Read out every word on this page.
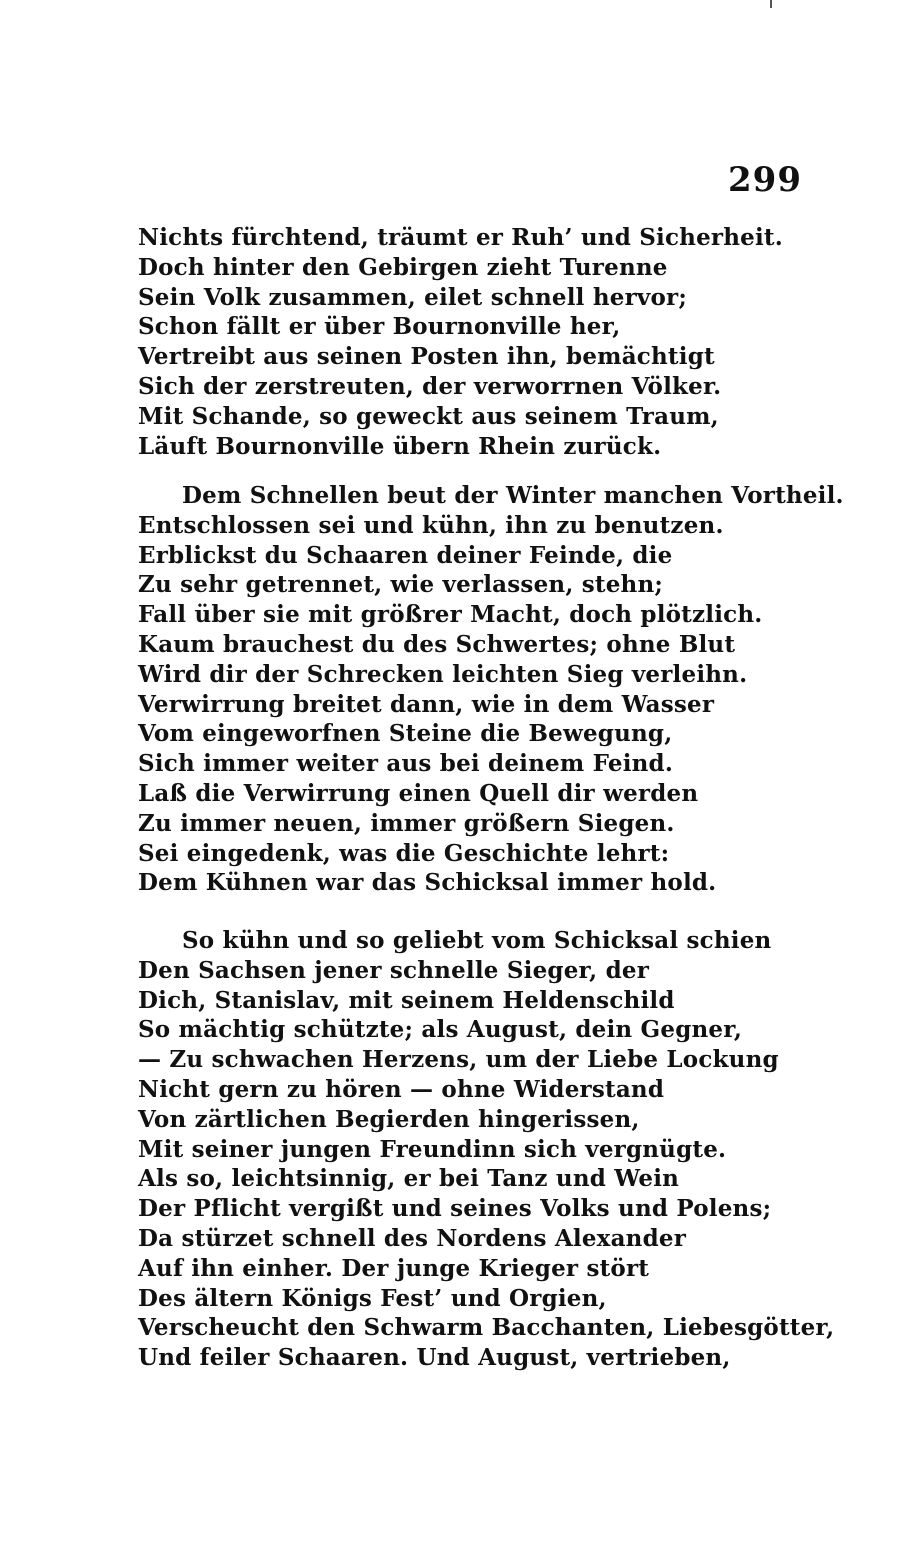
299
Nichts fürchtend, träumt er Ruh’ und Sicherheit.
Doch hinter den Gebirgen zieht Turenne
Sein Volk zusammen, eilet schnell hervor;
Schon fällt er über Bournonville her,
Vertreibt aus seinen Posten ihn, bemächtigt
Sich der zerstreuten, der verworrnen Völker.
Mit Schande, so geweckt aus seinem Traum,
Läuft Bournonville übern Rhein zurück.
Dem Schnellen beut der Winter manchen Vortheil.
Entschlossen sei und kühn, ihn zu benutzen.
Erblickst du Schaaren deiner Feinde, die
Zu sehr getrennet, wie verlassen, stehn;
Fall über sie mit größrer Macht, doch plötzlich.
Kaum brauchest du des Schwertes; ohne Blut
Wird dir der Schrecken leichten Sieg verleihn.
Verwirrung breitet dann, wie in dem Wasser
Vom eingeworfnen Steine die Bewegung,
Sich immer weiter aus bei deinem Feind.
Laß die Verwirrung einen Quell dir werden
Zu immer neuen, immer größern Siegen.
Sei eingedenk, was die Geschichte lehrt:
Dem Kühnen war das Schicksal immer hold.
So kühn und so geliebt vom Schicksal schien
Den Sachsen jener schnelle Sieger, der
Dich, Stanislav, mit seinem Heldenschild
So mächtig schützte; als August, dein Gegner,
— Zu schwachen Herzens, um der Liebe Lockung
Nicht gern zu hören — ohne Widerstand
Von zärtlichen Begierden hingerissen,
Mit seiner jungen Freundinn sich vergnügte.
Als so, leichtsinnig, er bei Tanz und Wein
Der Pflicht vergißt und seines Volks und Polens;
Da stürzet schnell des Nordens Alexander
Auf ihn einher. Der junge Krieger stört
Des ältern Königs Fest’ und Orgien,
Verscheucht den Schwarm Bacchanten, Liebesgötter,
Und feiler Schaaren. Und August, vertrieben,
